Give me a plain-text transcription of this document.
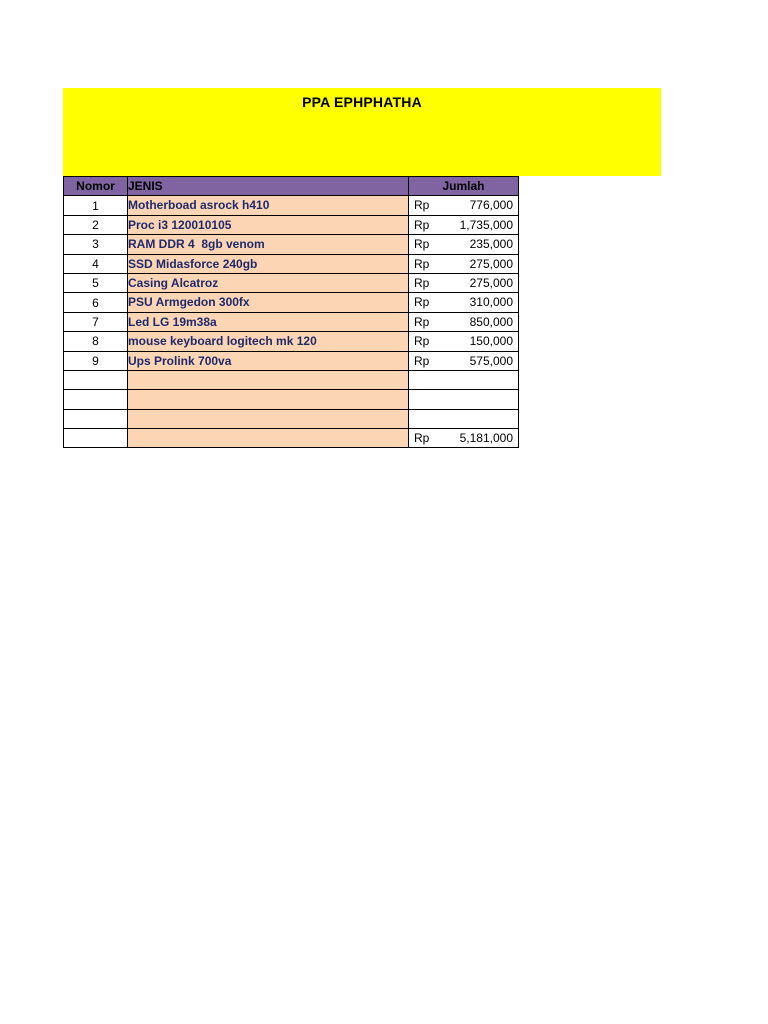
PPA EPHPHATHA
Nomor	JENIS	Jumlah
1	Motherboad asrock h410	Rp 776,000

2	Proc i3 120010105	Rp 1,735,000

3	RAM DDR 4  8gb venom	Rp 235,000

4	SSD Midasforce 240gb	Rp 275,000

5	Casing Alcatroz	Rp 275,000

6	PSU Armgedon 300fx	Rp 310,000

7	Led LG 19m38a	Rp 850,000

8	mouse keyboard logitech mk 120	Rp 150,000

9	Ups Prolink 700va	Rp 575,000

		Rp 5,181,000
